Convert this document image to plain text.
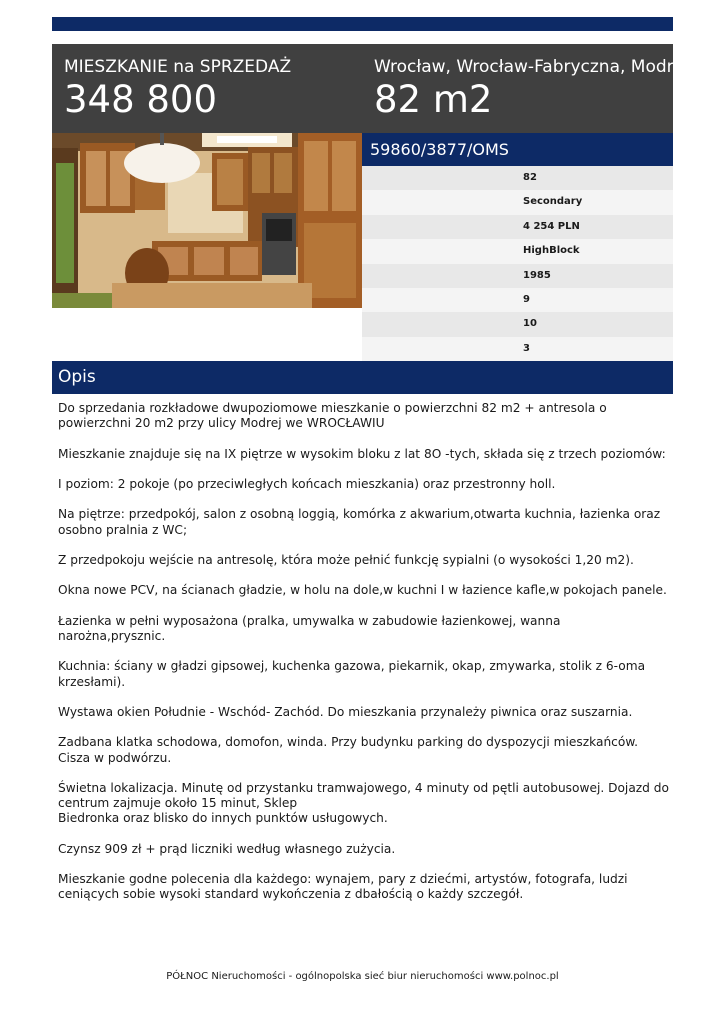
MIESZKANIE na SPRZEDAŻ
348 800
Wrocław, Wrocław-Fabryczna, Modra
82 m2
59860/3877/OMS
82
Secondary
4 254 PLN
HighBlock
1985
9
10
3
Opis

Do sprzedania rozkładowe dwupoziomowe mieszkanie o powierzchni 82 m2 + antresola o powierzchni 20 m2 przy ulicy Modrej we WROCŁAWIU

Mieszkanie znajduje się na IX piętrze w wysokim bloku z lat 8O -tych, składa się z trzech poziomów:

I poziom: 2 pokoje (po przeciwległych końcach mieszkania) oraz przestronny holl.

Na piętrze: przedpokój, salon z osobną loggią, komórka z akwarium,otwarta kuchnia, łazienka oraz osobno pralnia z WC;

Z przedpokoju wejście na antresolę, która może pełnić funkcję sypialni (o wysokości 1,20 m2).

Okna nowe PCV, na ścianach gładzie, w holu na dole,w kuchni I w łazience kafle,w pokojach panele.

Łazienka w pełni wyposażona (pralka, umywalka w zabudowie łazienkowej, wanna narożna,prysznic.

Kuchnia: ściany w gładzi gipsowej, kuchenka gazowa, piekarnik, okap, zmywarka, stolik z 6-oma krzesłami).

Wystawa okien Południe - Wschód- Zachód. Do mieszkania przynależy piwnica oraz suszarnia.

Zadbana klatka schodowa, domofon, winda. Przy budynku parking do dyspozycji mieszkańców. Cisza w podwórzu.

Świetna lokalizacja. Minutę od przystanku tramwajowego, 4 minuty od pętli autobusowej. Dojazd do centrum zajmuje około 15 minut, Sklep
Biedronka oraz blisko do innych punktów usługowych.

Czynsz 909 zł + prąd liczniki według własnego zużycia.

Mieszkanie godne polecenia dla każdego: wynajem, pary z dziećmi, artystów, fotografa, ludzi ceniących sobie wysoki standard wykończenia z dbałością o każdy szczegół.

PÓŁNOC Nieruchomości - ogólnopolska sieć biur nieruchomości www.polnoc.pl
